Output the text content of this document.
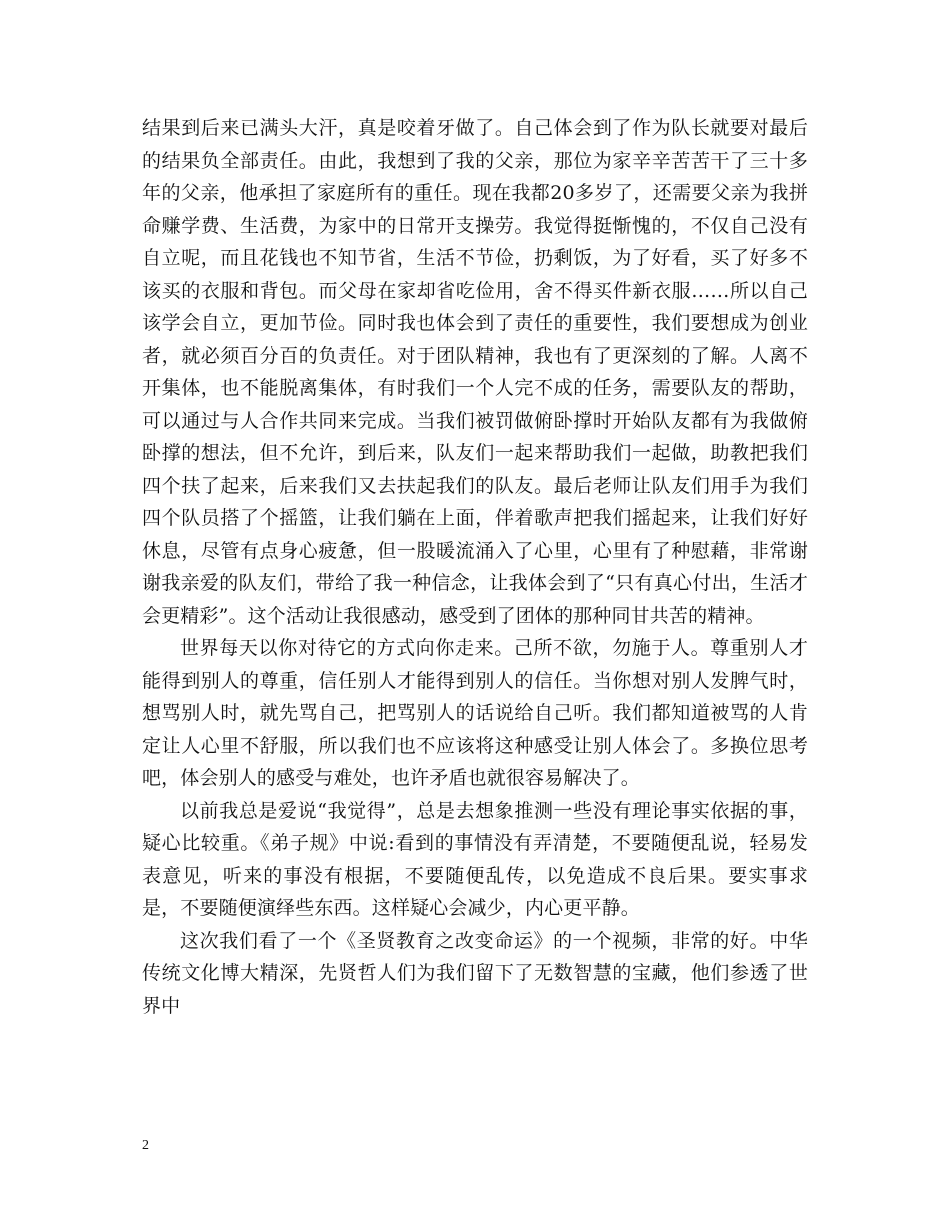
结果到后来已满头大汗，真是咬着牙做了。自己体会到了作为队长就要对最后的结果负全部责任。由此，我想到了我的父亲，那位为家辛辛苦苦干了三十多年的父亲，他承担了家庭所有的重任。现在我都20多岁了，还需要父亲为我拼命赚学费、生活费，为家中的日常开支操劳。我觉得挺惭愧的，不仅自己没有自立呢，而且花钱也不知节省，生活不节俭，扔剩饭，为了好看，买了好多不该买的衣服和背包。而父母在家却省吃俭用，舍不得买件新衣服……所以自己该学会自立，更加节俭。同时我也体会到了责任的重要性，我们要想成为创业者，就必须百分百的负责任。对于团队精神，我也有了更深刻的了解。人离不开集体，也不能脱离集体，有时我们一个人完不成的任务，需要队友的帮助，可以通过与人合作共同来完成。当我们被罚做俯卧撑时开始队友都有为我做俯卧撑的想法，但不允许，到后来，队友们一起来帮助我们一起做，助教把我们四个扶了起来，后来我们又去扶起我们的队友。最后老师让队友们用手为我们四个队员搭了个摇篮，让我们躺在上面，伴着歌声把我们摇起来，让我们好好休息，尽管有点身心疲惫，但一股暖流涌入了心里，心里有了种慰藉，非常谢谢我亲爱的队友们，带给了我一种信念，让我体会到了“只有真心付出，生活才会更精彩”。这个活动让我很感动，感受到了团体的那种同甘共苦的精神。

世界每天以你对待它的方式向你走来。己所不欲，勿施于人。尊重别人才能得到别人的尊重，信任别人才能得到别人的信任。当你想对别人发脾气时，想骂别人时，就先骂自己，把骂别人的话说给自己听。我们都知道被骂的人肯定让人心里不舒服，所以我们也不应该将这种感受让别人体会了。多换位思考吧，体会别人的感受与难处，也许矛盾也就很容易解决了。

以前我总是爱说“我觉得”，总是去想象推测一些没有理论事实依据的事，疑心比较重。《弟子规》中说:看到的事情没有弄清楚，不要随便乱说，轻易发表意见，听来的事没有根据，不要随便乱传，以免造成不良后果。要实事求是，不要随便演绎些东西。这样疑心会减少，内心更平静。

这次我们看了一个《圣贤教育之改变命运》的一个视频，非常的好。中华传统文化博大精深，先贤哲人们为我们留下了无数智慧的宝藏，他们参透了世界中

2
